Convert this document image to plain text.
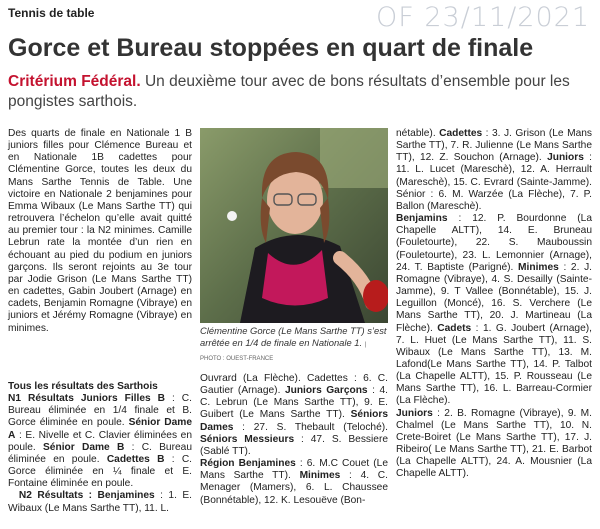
Tennis de table	OF 23/11/2021
Gorce et Bureau stoppées en quart de finale
Critérium Fédéral. Un deuxième tour avec de bons résultats d’ensemble pour les pongistes sarthois.
Des quarts de finale en Nationale 1 B juniors filles pour Clémence Bureau et en Nationale 1B cadettes pour Clémentine Gorce, toutes les deux du Mans Sarthe Tennis de Table. Une victoire en Nationale 2 benjamines pour Emma Wibaux (Le Mans Sarthe TT) qui retrouvera l’échelon qu’elle avait quitté au premier tour : la N2 minimes. Camille Lebrun rate la montée d’un rien en échouant au pied du podium en juniors garçons. Ils seront rejoints au 3e tour par Jodie Grison (Le Mans Sarthe TT) en cadettes, Gabin Joubert (Arnage) en cadets, Benjamin Romagne (Vibraye) en juniors et Jérémy Romagne (Vibraye) en minimes.

Tous les résultats des Sarthois

N1 Résultats Juniors Filles B : C. Bureau éliminée en 1/4 finale et B. Gorce éliminée en poule. Sénior Dame A : E. Nivelle et C. Clavier éliminées en poule. Sénior Dame B : C. Bureau éliminée en poule. Cadettes B : C. Gorce éliminée en ¼ finale et E. Fontaine éliminée en poule.

N2 Résultats : Benjamines : 1. E. Wibaux (Le Mans Sarthe TT), 11. L.

Clémentine Gorce (Le Mans Sarthe TT) s’est arrêtée en 1/4 de finale en Nationale 1. | PHOTO : OUEST-FRANCE

Ouvrard (La Flèche). Cadettes : 6. C. Gautier (Arnage). Juniors Garçons : 4. C. Lebrun (Le Mans Sarthe TT), 9. E. Guibert (Le Mans Sarthe TT). Séniors Dames : 27. S. Thebault (Teloché). Séniors Messieurs : 47. S. Bessiere (Sablé TT).

Région Benjamines : 6. M.C Couet (Le Mans Sarthe TT). Minimes : 4. C. Menager (Mamers), 6. L. Chaussee (Bonnétable), 12. K. Lesouëve (Bon-

nétable). Cadettes : 3. J. Grison (Le Mans Sarthe TT), 7. R. Julienne (Le Mans Sarthe TT), 12. Z. Souchon (Arnage). Juniors : 11. L. Lucet (Mareschè), 12. A. Herrault (Mareschè), 15. C. Evrard (Sainte-Jamme). Sénior : 6. M. Warzée (La Flèche), 7. P. Ballon (Mareschè).

Benjamins : 12. P. Bourdonne (La Chapelle ALTT), 14. E. Bruneau (Fouletourte), 22. S. Mauboussin (Fouletourte), 23. L. Lemonnier (Arnage), 24. T. Baptiste (Parigné). Minimes : 2. J. Romagne (Vibraye), 4. S. Desailly (Sainte-Jamme), 9. T Vallee (Bonnétable), 15. J. Leguillon (Moncé), 16. S. Verchere (Le Mans Sarthe TT), 20. J. Martineau (La Flèche). Cadets : 1. G. Joubert (Arnage), 7. L. Huet (Le Mans Sarthe TT), 11. S. Wibaux (Le Mans Sarthe TT), 13. M. Lafond(Le Mans Sarthe TT), 14. P. Talbot (La Chapelle ALTT), 15. P. Rousseau (Le Mans Sarthe TT), 16. L. Barreau-Cormier (La Flèche).

Juniors : 2. B. Romagne (Vibraye), 9. M. Chalmel (Le Mans Sarthe TT), 10. N. Crete-Boiret (Le Mans Sarthe TT), 17. J. Ribeiro( Le Mans Sarthe TT), 21. E. Barbot (La Chapelle ALTT), 24. A. Mousnier (La Chapelle ALTT).
